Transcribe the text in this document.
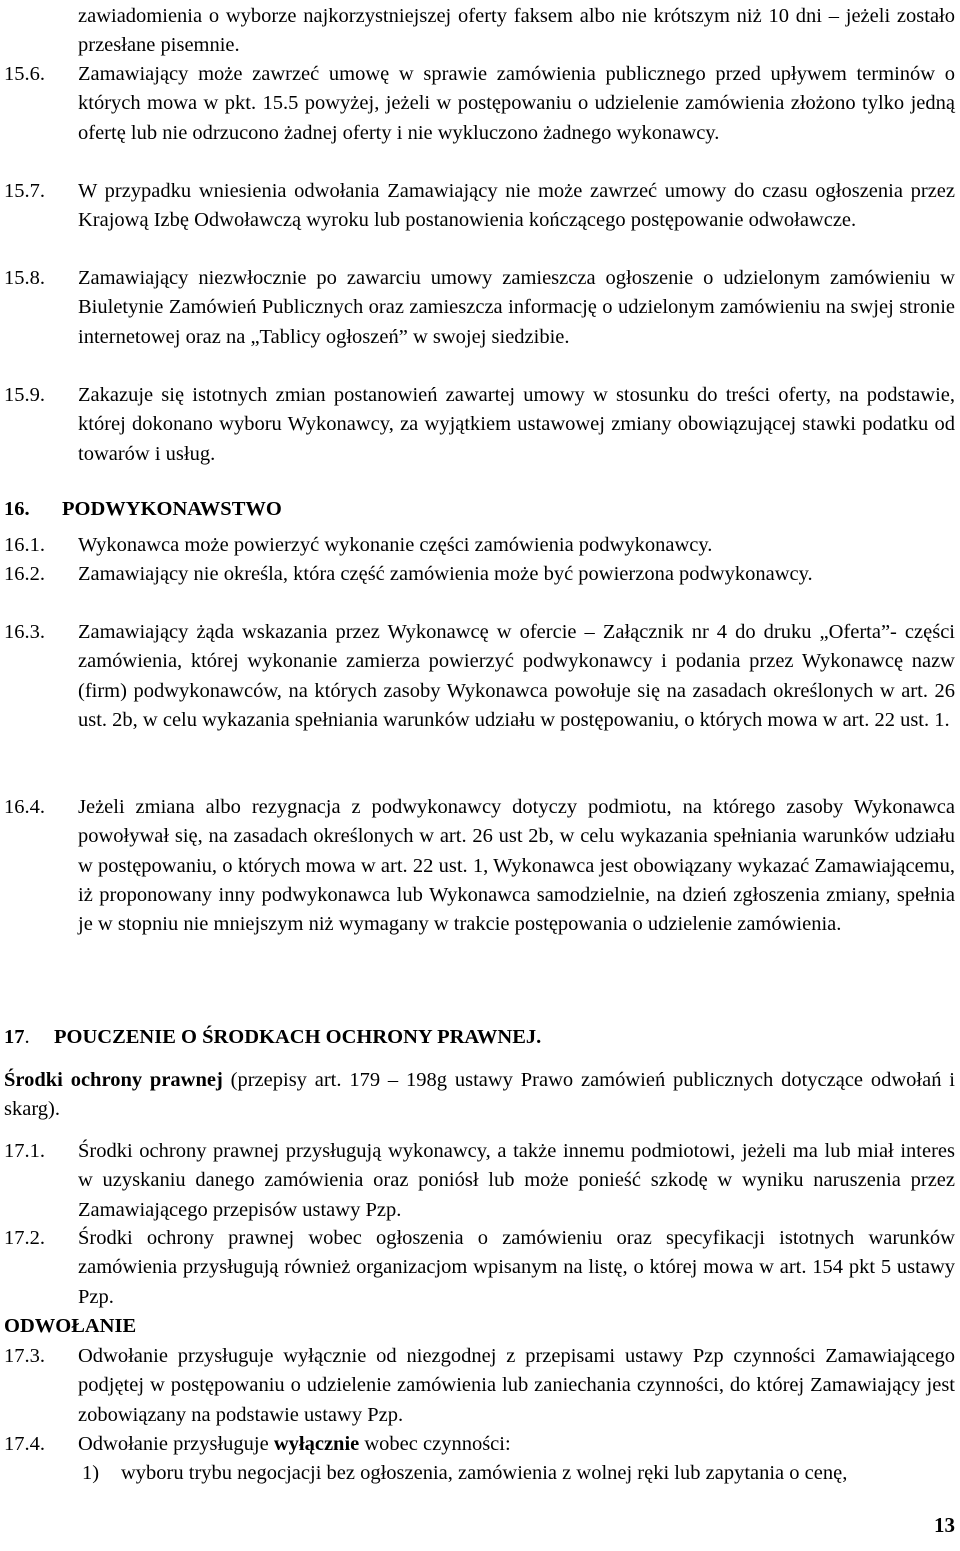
zawiadomienia o wyborze najkorzystniejszej oferty faksem albo nie krótszym niż 10 dni – jeżeli zostało przesłane pisemnie.

15.6. Zamawiający może zawrzeć umowę w sprawie zamówienia publicznego przed upływem terminów o których mowa w pkt. 15.5 powyżej, jeżeli w postępowaniu o udzielenie zamówienia złożono tylko jedną ofertę lub nie odrzucono żadnej oferty i nie wykluczono żadnego wykonawcy.

15.7. W przypadku wniesienia odwołania Zamawiający nie może zawrzeć umowy do czasu ogłoszenia przez Krajową Izbę Odwoławczą wyroku lub postanowienia kończącego postępowanie odwoławcze.

15.8. Zamawiający niezwłocznie po zawarciu umowy zamieszcza ogłoszenie o udzielonym zamówieniu w Biuletynie Zamówień Publicznych oraz zamieszcza informację o udzielonym zamówieniu na swjej stronie internetowej oraz na „Tablicy ogłoszeń” w swojej siedzibie.

15.9. Zakazuje się istotnych zmian postanowień zawartej umowy w stosunku do treści oferty, na podstawie, której dokonano wyboru Wykonawcy, za wyjątkiem ustawowej zmiany obowiązującej stawki podatku od towarów i usług.

16. PODWYKONAWSTWO
16.1. Wykonawca może powierzyć wykonanie części zamówienia podwykonawcy.

16.2. Zamawiający nie określa, która część zamówienia może być powierzona podwykonawcy.

16.3. Zamawiający żąda wskazania przez Wykonawcę w ofercie – Załącznik nr 4 do druku „Oferta”- części zamówienia, której wykonanie zamierza powierzyć podwykonawcy i podania przez Wykonawcę nazw (firm) podwykonawców, na których zasoby Wykonawca powołuje się na zasadach określonych w art. 26 ust. 2b, w celu wykazania spełniania warunków udziału w postępowaniu, o których mowa w art. 22 ust. 1.

16.4. Jeżeli zmiana albo rezygnacja z podwykonawcy dotyczy podmiotu, na którego zasoby Wykonawca powoływał się, na zasadach określonych w art. 26 ust 2b, w celu wykazania spełniania warunków udziału w postępowaniu, o których mowa w art. 22 ust. 1, Wykonawca jest obowiązany wykazać Zamawiającemu, iż proponowany inny podwykonawca lub Wykonawca samodzielnie, na dzień zgłoszenia zmiany, spełnia je w stopniu nie mniejszym niż wymagany w trakcie postępowania o udzielenie zamówienia.

17. POUCZENIE O ŚRODKACH OCHRONY PRAWNEJ.

Środki ochrony prawnej (przepisy art. 179 – 198g ustawy Prawo zamówień publicznych dotyczące odwołań i skarg).

17.1. Środki ochrony prawnej przysługują wykonawcy, a także innemu podmiotowi, jeżeli ma lub miał interes w uzyskaniu danego zamówienia oraz poniósł lub może ponieść szkodę w wyniku naruszenia przez Zamawiającego przepisów ustawy Pzp.

17.2. Środki ochrony prawnej wobec ogłoszenia o zamówieniu oraz specyfikacji istotnych warunków zamówienia przysługują również organizacjom wpisanym na listę, o której mowa w art. 154 pkt 5 ustawy Pzp.

ODWOŁANIE
17.3. Odwołanie przysługuje wyłącznie od niezgodnej z przepisami ustawy Pzp czynności Zamawiającego podjętej w postępowaniu o udzielenie zamówienia lub zaniechania czynności, do której Zamawiający jest zobowiązany na podstawie ustawy Pzp.

17.4. Odwołanie przysługuje wyłącznie wobec czynności:

1) wyboru trybu negocjacji bez ogłoszenia, zamówienia z wolnej ręki lub zapytania o cenę,

13
